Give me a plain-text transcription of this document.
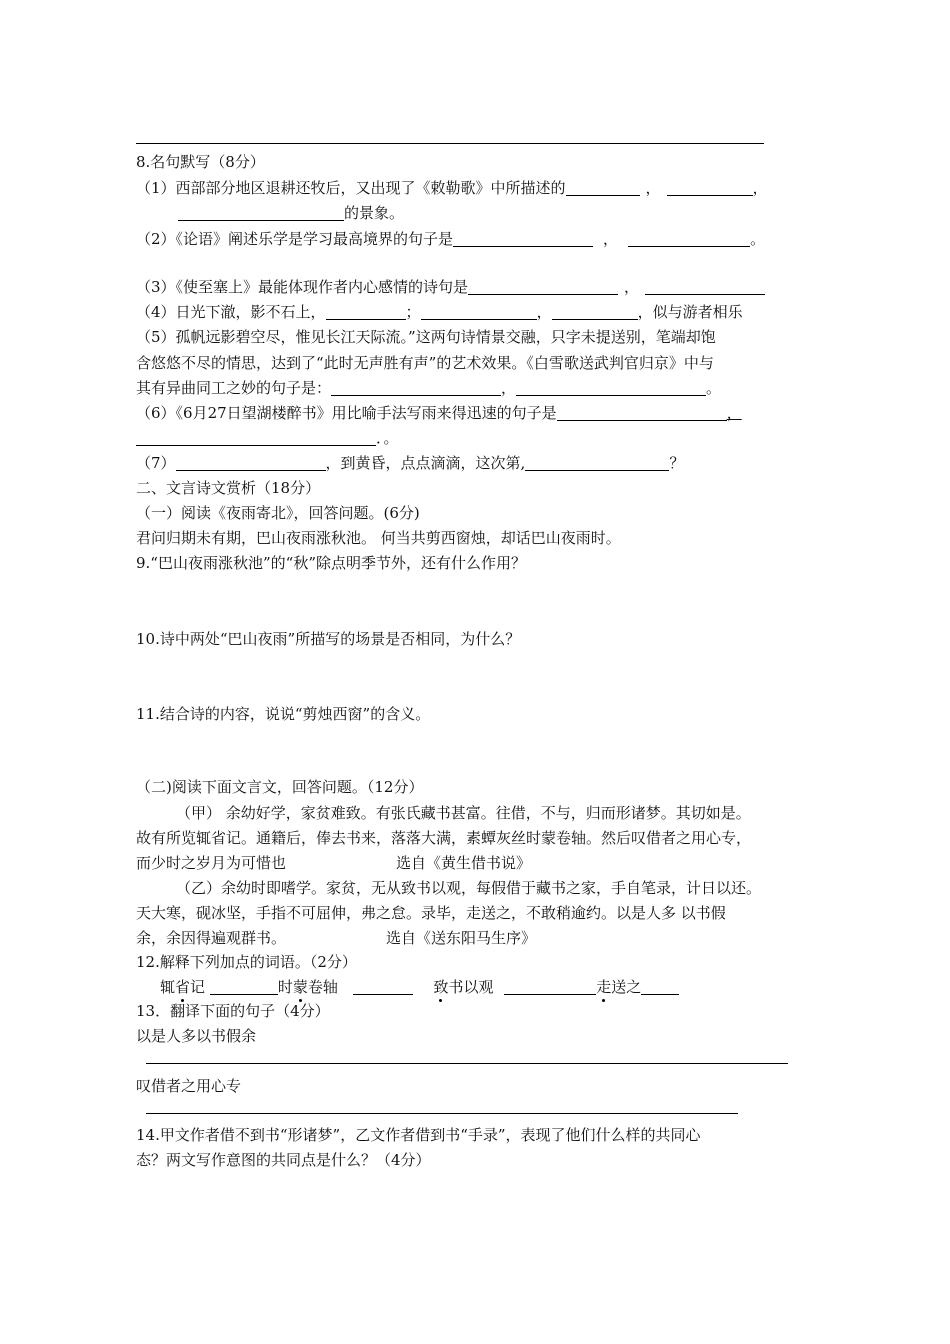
8.名句默写（8分）
（1）西部部分地区退耕还牧后，又出现了《敕勒歌》中所描述的	，	，
的景象。
（2）《论语》阐述乐学是学习最高境界的句子是	，	。
（3）《使至塞上》最能体现作者内心感情的诗句是	，
（4）日光下澈，影不石上，	；	，	，似与游者相乐
（5）孤帆远影碧空尽，惟见长江天际流。”这两句诗情景交融，只字未提送别，笔端却饱
含悠悠不尽的情思，达到了“此时无声胜有声”的艺术效果。《白雪歌送武判官归京》中与
其有异曲同工之妙的句子是：	，	。
（6）《6月27日望湖楼醉书》用比喻手法写雨来得迅速的句子是	，
．。
（7）	，到黄昏，点点滴滴，这次第,	？
二、文言诗文赏析（18分）
（一）阅读《夜雨寄北》，回答问题。(6分)
君问归期未有期，巴山夜雨涨秋池。 何当共剪西窗烛，却话巴山夜雨时。
9.“巴山夜雨涨秋池”的“秋”除点明季节外，还有什么作用？
10.诗中两处“巴山夜雨”所描写的场景是否相同，为什么？
11.结合诗的内容，说说“剪烛西窗”的含义。
（二)阅读下面文言文，回答问题。（12分）
（甲） 余幼好学，家贫难致。有张氏藏书甚富。往借，不与，归而形诸梦。其切如是。
故有所览辄省记。通籍后，俸去书来，落落大满，素蟫灰丝时蒙卷轴。然后叹借者之用心专，
而少时之岁月为可惜也	选自《黄生借书说》
（乙）余幼时即嗜学。家贫，无从致书以观，每假借于藏书之家，手自笔录，计日以还。
天大寒，砚冰坚，手指不可屈伸，弗之怠。录毕，走送之，不敢稍逾约。以是人多 以书假
余，余因得遍观群书。	选自《送东阳马生序》
12.解释下列加点的词语。（2分）
辄省记	时蒙卷轴	致书以观	走送之
13．翻译下面的句子（4分）
以是人多以书假余
叹借者之用心专
14.甲文作者借不到书“形诸梦”，乙文作者借到书“手录”，表现了他们什么样的共同心
态？两文写作意图的共同点是什么？（4分）
